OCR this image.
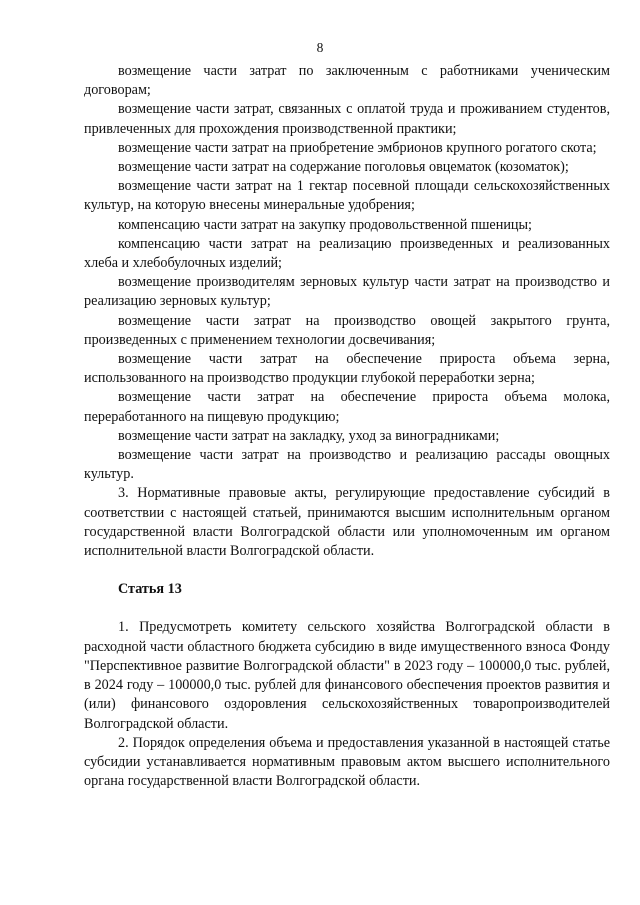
8

возмещение части затрат по заключенным с работниками ученическим договорам;

возмещение части затрат, связанных с оплатой труда и проживанием студентов, привлеченных для прохождения производственной практики;

возмещение части затрат на приобретение эмбрионов крупного рогатого скота;

возмещение части затрат на содержание поголовья овцематок (козоматок);

возмещение части затрат на 1 гектар посевной площади сельскохозяйственных культур, на которую внесены минеральные удобрения;

компенсацию части затрат на закупку продовольственной пшеницы;

компенсацию части затрат на реализацию произведенных и реализованных хлеба и хлебобулочных изделий;

возмещение производителям зерновых культур части затрат на производство и реализацию зерновых культур;

возмещение части затрат на производство овощей закрытого грунта, произведенных с применением технологии досвечивания;

возмещение части затрат на обеспечение прироста объема зерна, использованного на производство продукции глубокой переработки зерна;

возмещение части затрат на обеспечение прироста объема молока, переработанного на пищевую продукцию;

возмещение части затрат на закладку, уход за виноградниками;

возмещение части затрат на производство и реализацию рассады овощных культур.

3. Нормативные правовые акты, регулирующие предоставление субсидий в соответствии с настоящей статьей, принимаются высшим исполнительным органом государственной власти Волгоградской области или уполномоченным им органом исполнительной власти Волгоградской области.

Статья 13

1. Предусмотреть комитету сельского хозяйства Волгоградской области в расходной части областного бюджета субсидию в виде имущественного взноса Фонду "Перспективное развитие Волгоградской области" в 2023 году – 100000,0 тыс. рублей, в 2024 году – 100000,0 тыс. рублей для финансового обеспечения проектов развития и (или) финансового оздоровления сельскохозяйственных товаропроизводителей Волгоградской области.

2. Порядок определения объема и предоставления указанной в настоящей статье субсидии устанавливается нормативным правовым актом высшего исполнительного органа государственной власти Волгоградской области.
